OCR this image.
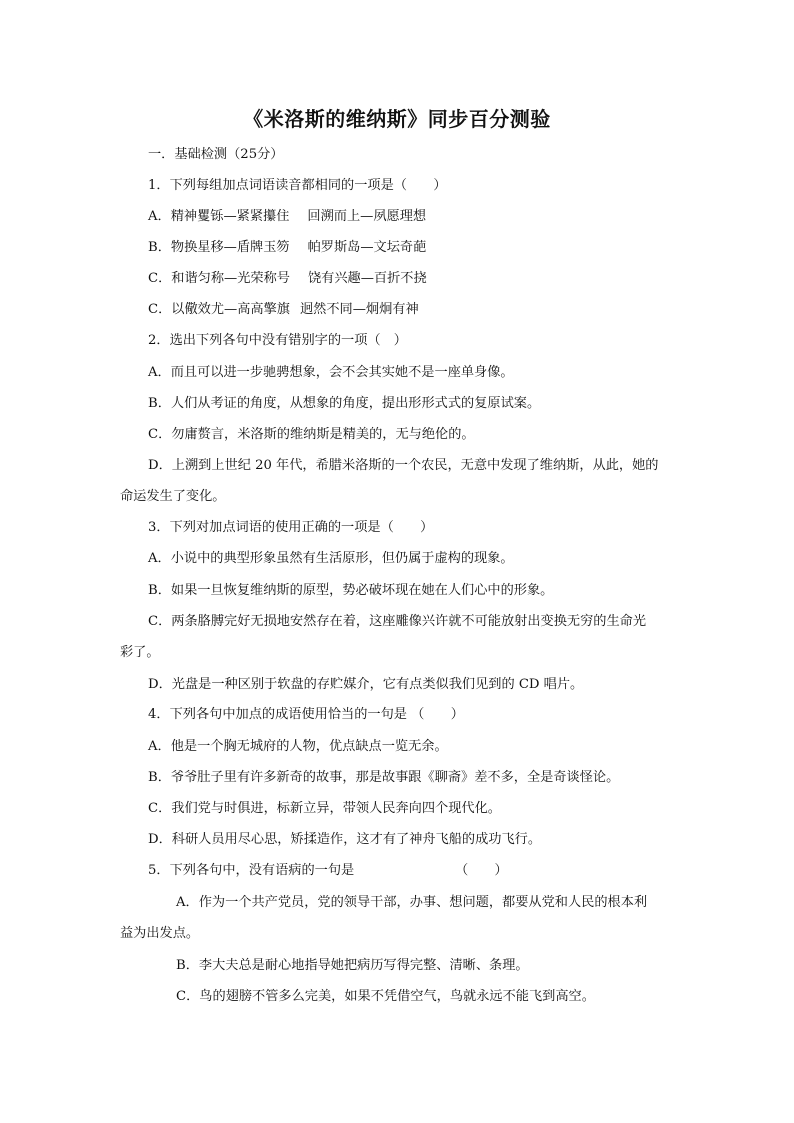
《米洛斯的维纳斯》同步百分测验
一．基础检测（25分）
1．下列每组加点词语读音都相同的一项是（　　）
A．精神矍铄—紧紧攥住 回溯而上—夙愿理想
B．物换星移—盾牌玉笏 帕罗斯岛—文坛奇葩
C．和谐匀称—光荣称号 饶有兴趣—百折不挠
C．以儆效尤—高高擎旗 迥然不同—炯炯有神
2．选出下列各句中没有错别字的一项（　）
A．而且可以进一步驰骋想象，会不会其实她不是一座单身像。
B．人们从考证的角度，从想象的角度，提出形形式式的复原试案。
C．勿庸赘言，米洛斯的维纳斯是精美的，无与绝伦的。
D．上溯到上世纪 20 年代，希腊米洛斯的一个农民，无意中发现了维纳斯，从此，她的
命运发生了变化。
3．下列对加点词语的使用正确的一项是（　　）
A．小说中的典型形象虽然有生活原形，但仍属于虚构的现象。
B．如果一旦恢复维纳斯的原型，势必破坏现在她在人们心中的形象。
C．两条胳膊完好无损地安然存在着，这座雕像兴许就不可能放射出变换无穷的生命光
彩了。
D．光盘是一种区别于软盘的存贮媒介，它有点类似我们见到的 CD 唱片。
4．下列各句中加点的成语使用恰当的一句是 （　　）
A．他是一个胸无城府的人物，优点缺点一览无余。
B．爷爷肚子里有许多新奇的故事，那是故事跟《聊斋》差不多，全是奇谈怪论。
C．我们党与时俱进，标新立异，带领人民奔向四个现代化。
D．科研人员用尽心思，矫揉造作，这才有了神舟飞船的成功飞行。
5．下列各句中，没有语病的一句是	（　　）
A．作为一个共产党员，党的领导干部，办事、想问题，都要从党和人民的根本利
益为出发点。
B．李大夫总是耐心地指导她把病历写得完整、清晰、条理。
C．鸟的翅膀不管多么完美，如果不凭借空气，鸟就永远不能飞到高空。
